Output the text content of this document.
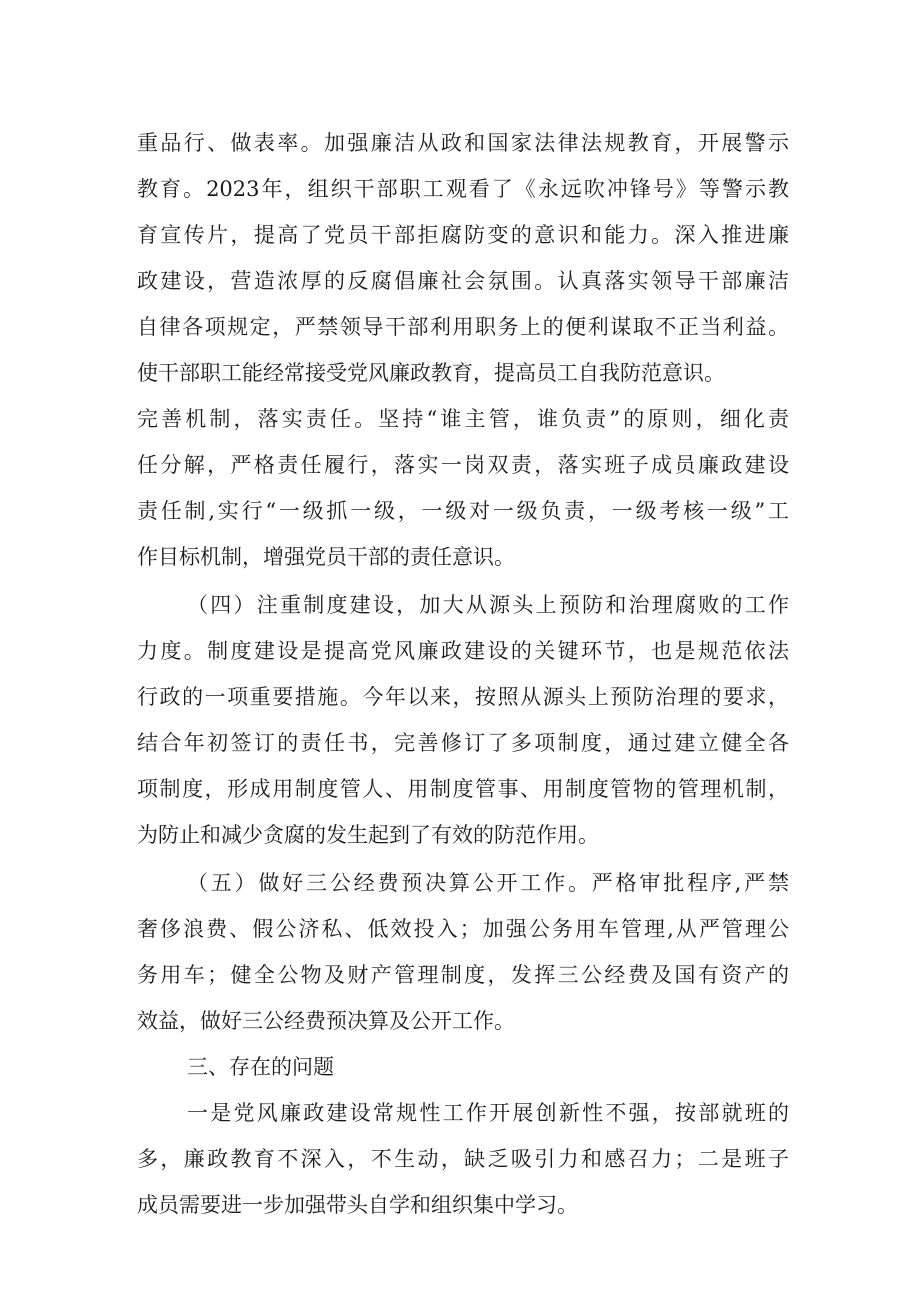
重品行、做表率。加强廉洁从政和国家法律法规教育，开展警示
教育。2023年，组织干部职工观看了《永远吹冲锋号》等警示教
育宣传片，提高了党员干部拒腐防变的意识和能力。深入推进廉
政建设，营造浓厚的反腐倡廉社会氛围。认真落实领导干部廉洁
自律各项规定，严禁领导干部利用职务上的便利谋取不正当利益。
使干部职工能经常接受党风廉政教育，提高员工自我防范意识。
完善机制，落实责任。坚持“谁主管，谁负责”的原则，细化责
任分解，严格责任履行，落实一岗双责，落实班子成员廉政建设
责任制,实行“一级抓一级，一级对一级负责，一级考核一级”工
作目标机制，增强党员干部的责任意识。
（四）注重制度建设，加大从源头上预防和治理腐败的工作
力度。制度建设是提高党风廉政建设的关键环节，也是规范依法
行政的一项重要措施。今年以来，按照从源头上预防治理的要求，
结合年初签订的责任书，完善修订了多项制度，通过建立健全各
项制度，形成用制度管人、用制度管事、用制度管物的管理机制，
为防止和减少贪腐的发生起到了有效的防范作用。
（五）做好三公经费预决算公开工作。严格审批程序,严禁
奢侈浪费、假公济私、低效投入；加强公务用车管理,从严管理公
务用车；健全公物及财产管理制度，发挥三公经费及国有资产的
效益，做好三公经费预决算及公开工作。
三、存在的问题
一是党风廉政建设常规性工作开展创新性不强，按部就班的
多，廉政教育不深入，不生动，缺乏吸引力和感召力；二是班子
成员需要进一步加强带头自学和组织集中学习。
